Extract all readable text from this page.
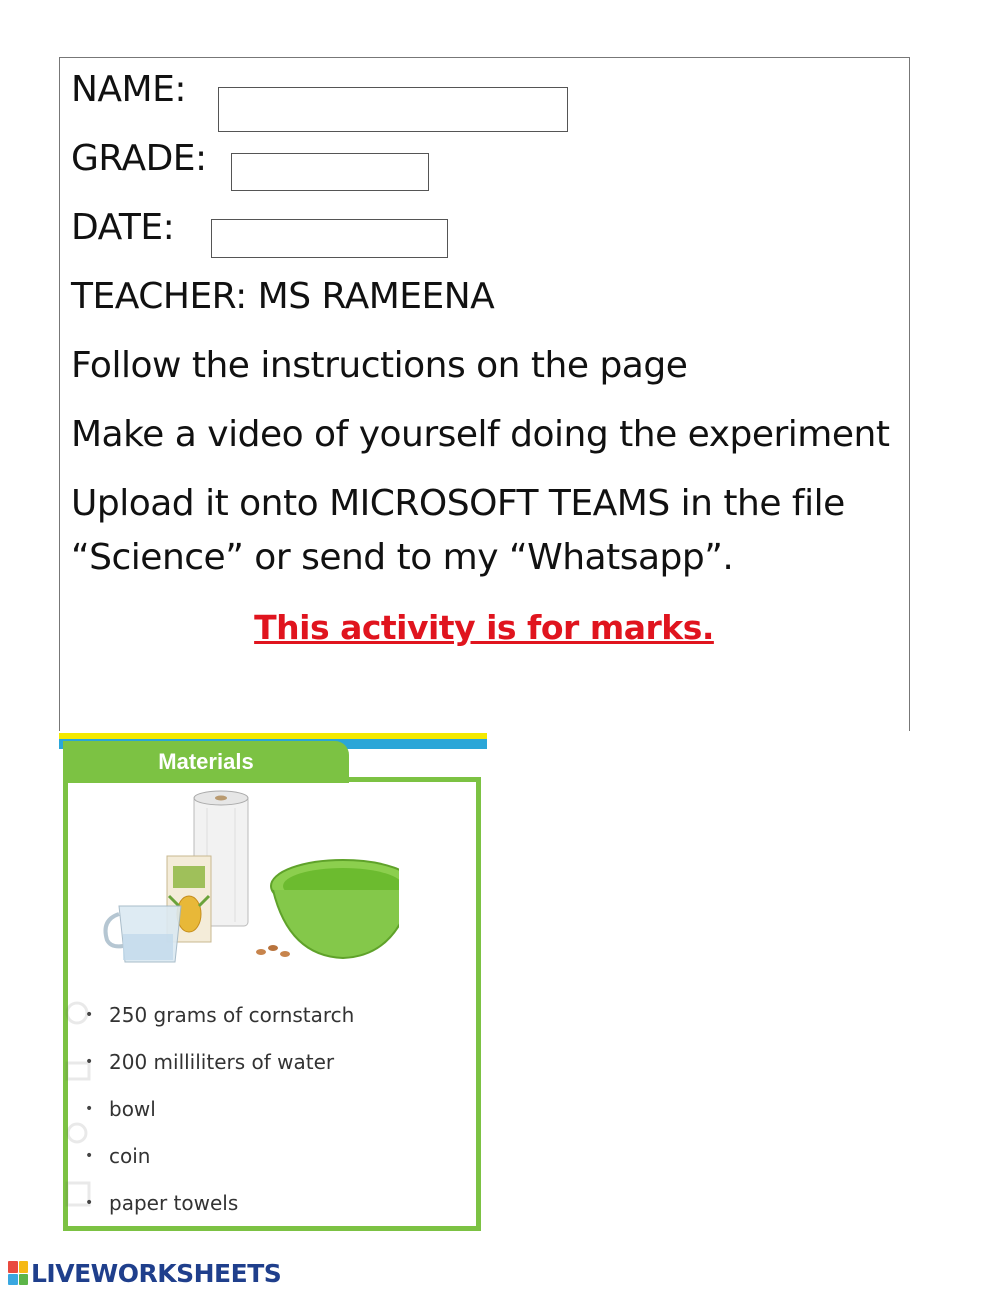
NAME:
GRADE:
DATE:
TEACHER: MS RAMEENA
Follow the instructions on the page
Make a video of yourself doing the experiment
Upload it onto MICROSOFT TEAMS in the file
“Science” or send to my “Whatsapp”.
This activity is for marks.
Materials
• 250 grams of cornstarch
• 200 milliliters of water
• bowl
• coin
• paper towels
LIVEWORKSHEETS
